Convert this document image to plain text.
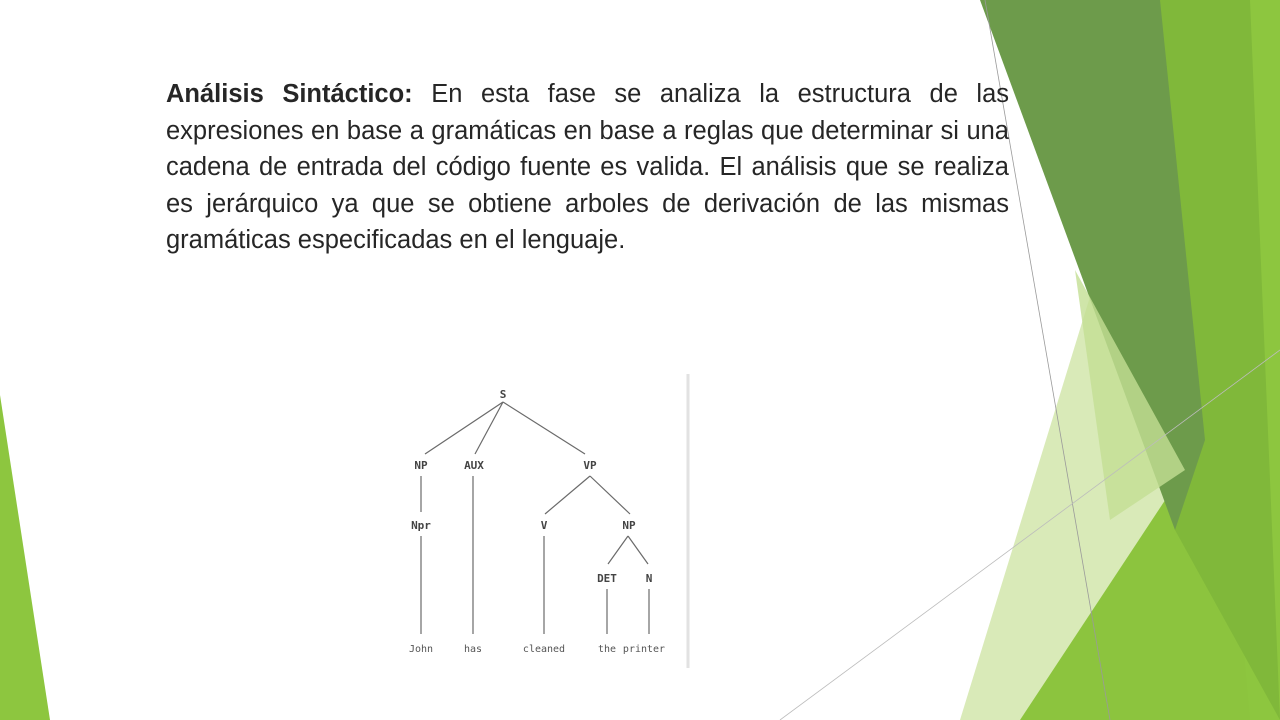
Análisis Sintáctico: En esta fase se analiza la estructura de las expresiones en base a gramáticas en base a reglas que determinar si una cadena de entrada del código fuente es valida. El análisis que se realiza es jerárquico ya que se obtiene arboles de derivación de las mismas gramáticas especificadas en el lenguaje.

S
NP	AUX	VP
Npr	V	NP
DET	N
John	has	cleaned	the printer
